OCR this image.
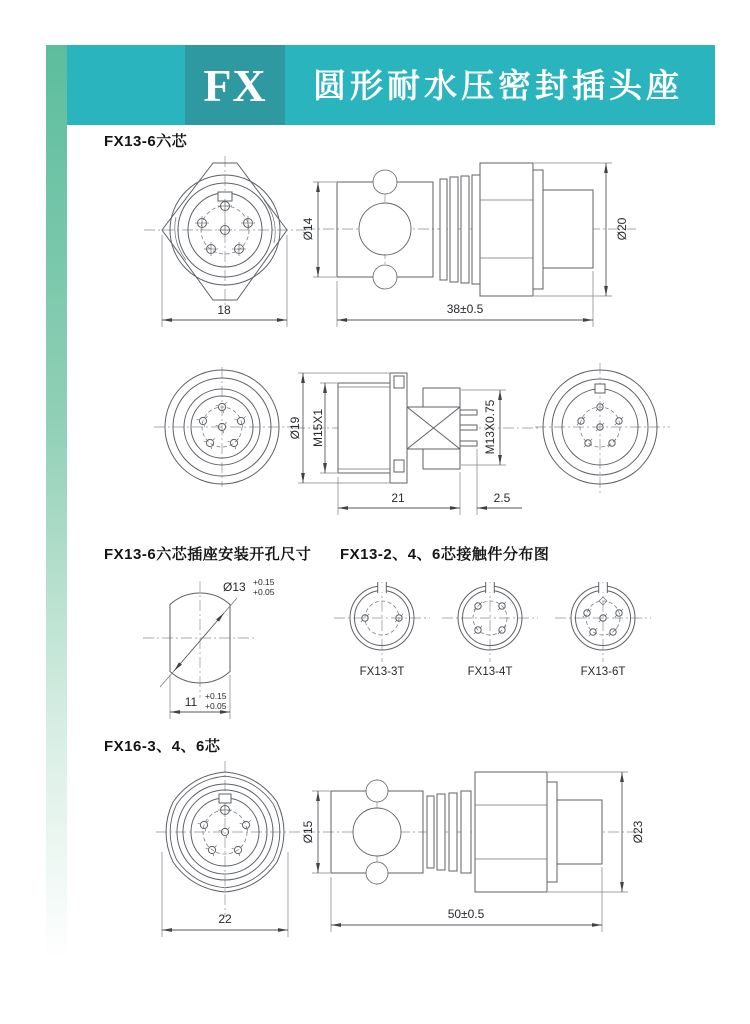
FX 圆形耐水压密封插头座
FX13-6六芯
FX13-6六芯插座安装开孔尺寸 FX13-2、4、6芯接触件分布图
FX16-3、4、6芯
18
Ø14	Ø20
38±0.5
Ø19 M15X1	M13X0.75
21	2.5
Ø13 +0.15
+0.05
11 +0.15
+0.05
FX13-3T	FX13-4T	FX13-6T
22
Ø15	Ø23
50±0.5
